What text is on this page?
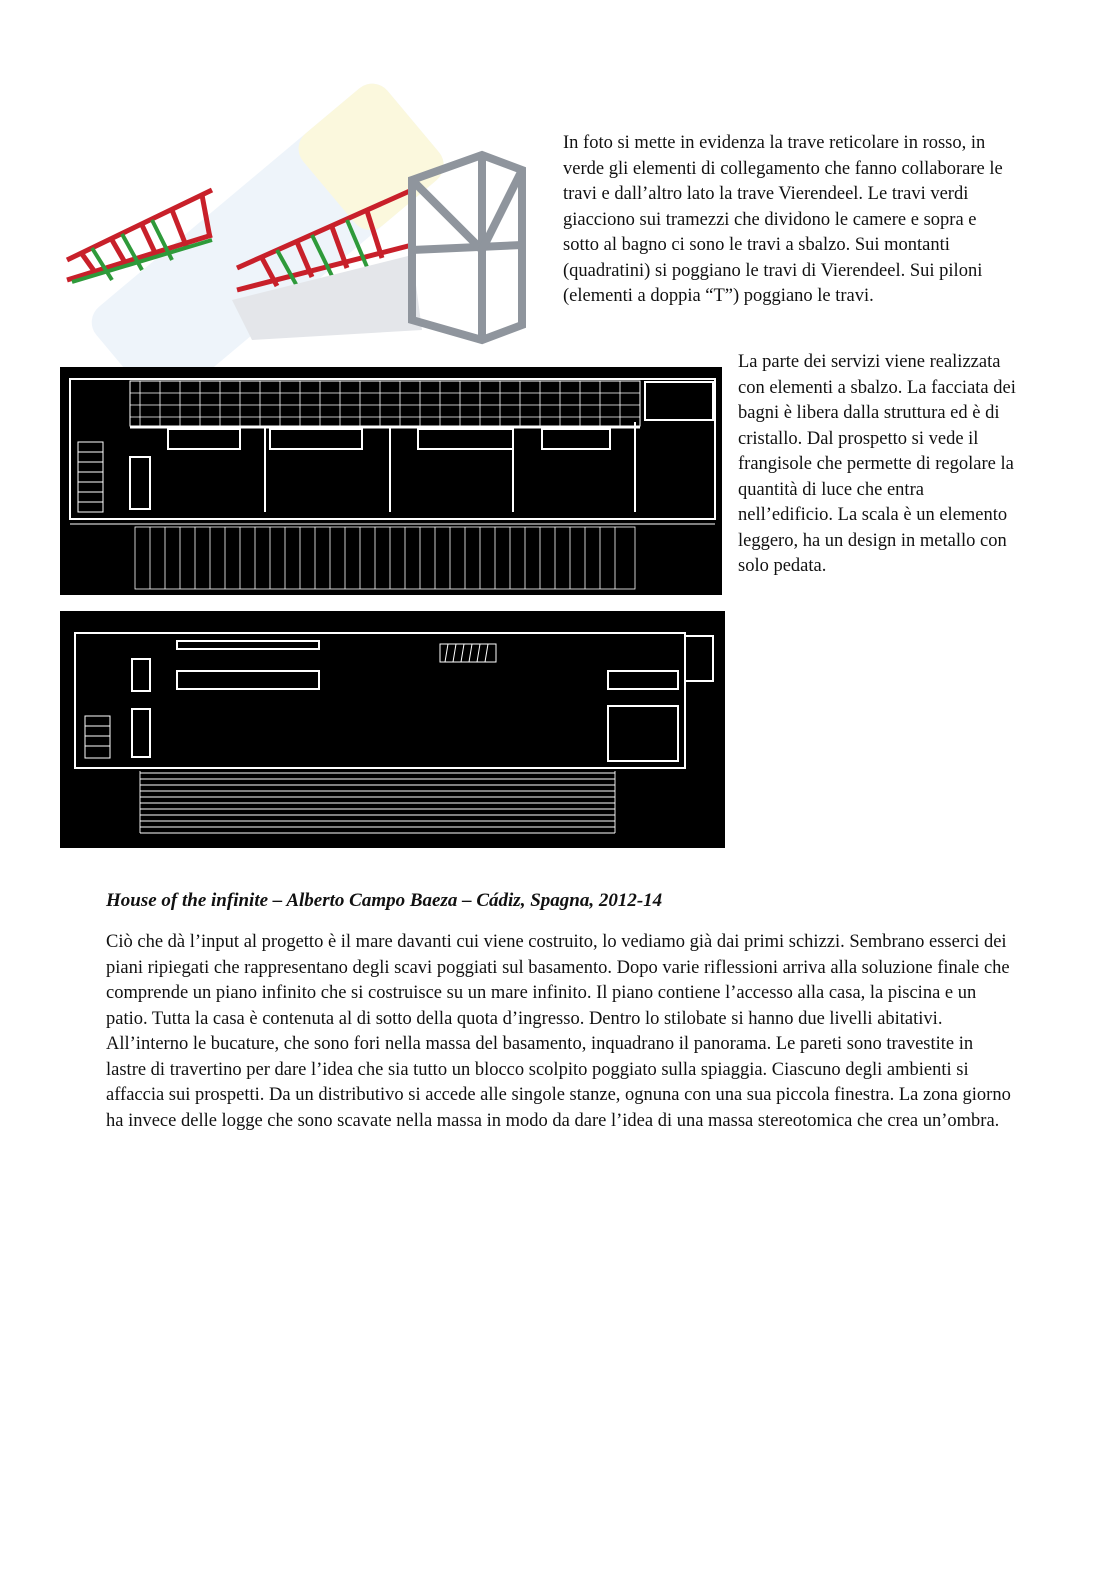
In foto si mette in evidenza la trave reticolare in rosso, in verde gli elementi di collegamento che fanno collaborare le travi e dall’altro lato la trave Vierendeel. Le travi verdi giacciono sui tramezzi che dividono le camere e sopra e sotto al bagno ci sono le travi a sbalzo. Sui montanti (quadratini) si poggiano le travi di Vierendeel. Sui piloni (elementi a doppia “T”) poggiano le travi.
La parte dei servizi viene realizzata con elementi a sbalzo. La facciata dei bagni è libera dalla struttura ed è di cristallo. Dal prospetto si vede il frangisole che permette di regolare la quantità di luce che entra nell’edificio. La scala è un elemento leggero, ha un design in metallo con solo pedata.
House of the infinite – Alberto Campo Baeza – Cádiz, Spagna, 2012-14
Ciò che dà l’input al progetto è il mare davanti cui viene costruito, lo vediamo già dai primi schizzi. Sembrano esserci dei piani ripiegati che rappresentano degli scavi poggiati sul basamento. Dopo varie riflessioni arriva alla soluzione finale che comprende un piano infinito che si costruisce su un mare infinito. Il piano contiene l’accesso alla casa, la piscina e un patio. Tutta la casa è contenuta al di sotto della quota d’ingresso. Dentro lo stilobate si hanno due livelli abitativi. All’interno le bucature, che sono fori nella massa del basamento, inquadrano il panorama. Le pareti sono travestite in lastre di travertino per dare l’idea che sia tutto un blocco scolpito poggiato sulla spiaggia. Ciascuno degli ambienti si affaccia sui prospetti. Da un distributivo si accede alle singole stanze, ognuna con una sua piccola finestra. La zona giorno ha invece delle logge che sono scavate nella massa in modo da dare l’idea di una massa stereotomica che crea un’ombra.
